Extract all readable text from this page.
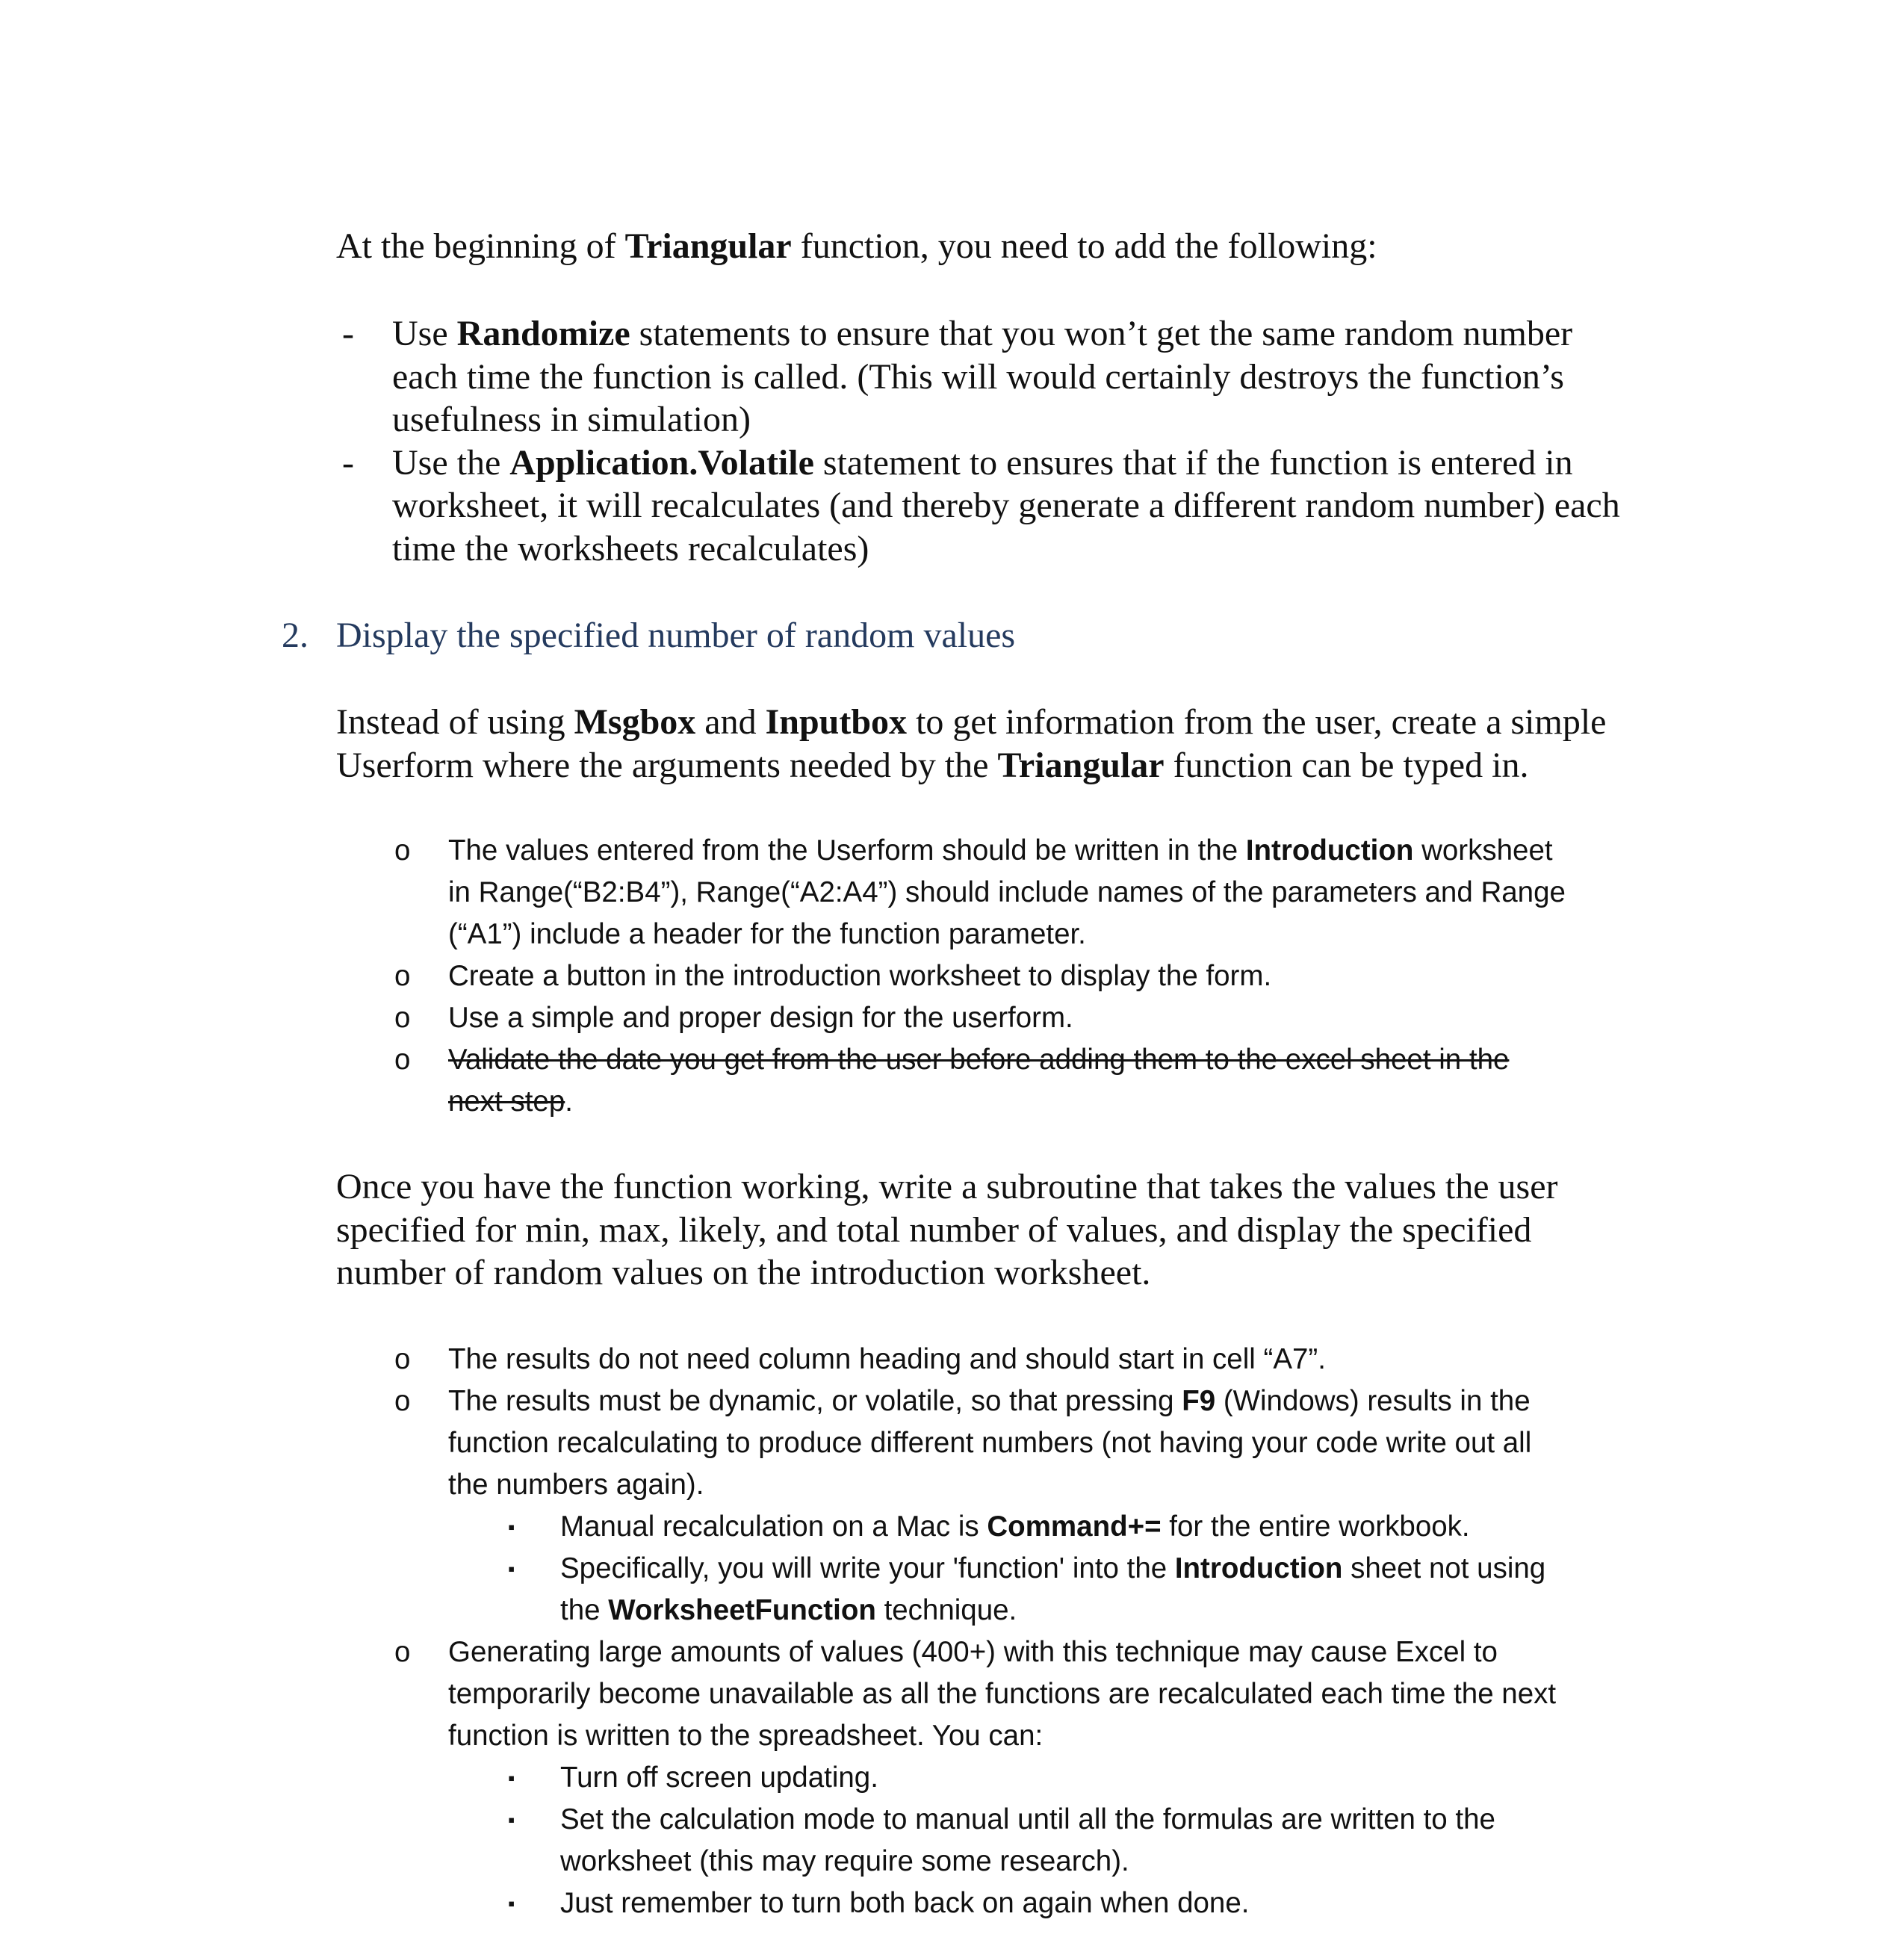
At the beginning of Triangular function, you need to add the following:
- Use Randomize statements to ensure that you won’t get the same random number
each time the function is called. (This will would certainly destroys the function’s
usefulness in simulation)
- Use the Application.Volatile statement to ensures that if the function is entered in
worksheet, it will recalculates (and thereby generate a different random number) each
time the worksheets recalculates)
2. Display the specified number of random values
Instead of using Msgbox and Inputbox to get information from the user, create a simple
Userform where the arguments needed by the Triangular function can be typed in.
o The values entered from the Userform should be written in the Introduction worksheet
in Range(“B2:B4”), Range(“A2:A4”) should include names of the parameters and Range
(“A1”) include a header for the function parameter.
o Create a button in the introduction worksheet to display the form.
o Use a simple and proper design for the userform.
o Validate the date you get from the user before adding them to the excel sheet in the
next step.
Once you have the function working, write a subroutine that takes the values the user
specified for min, max, likely, and total number of values, and display the specified
number of random values on the introduction worksheet.
o The results do not need column heading and should start in cell “A7”.
o The results must be dynamic, or volatile, so that pressing F9 (Windows) results in the
function recalculating to produce different numbers (not having your code write out all
the numbers again).
▪ Manual recalculation on a Mac is Command+= for the entire workbook.
▪ Specifically, you will write your 'function' into the Introduction sheet not using
the WorksheetFunction technique.
o Generating large amounts of values (400+) with this technique may cause Excel to
temporarily become unavailable as all the functions are recalculated each time the next
function is written to the spreadsheet. You can:
▪ Turn off screen updating.
▪ Set the calculation mode to manual until all the formulas are written to the
worksheet (this may require some research).
▪ Just remember to turn both back on again when done.
